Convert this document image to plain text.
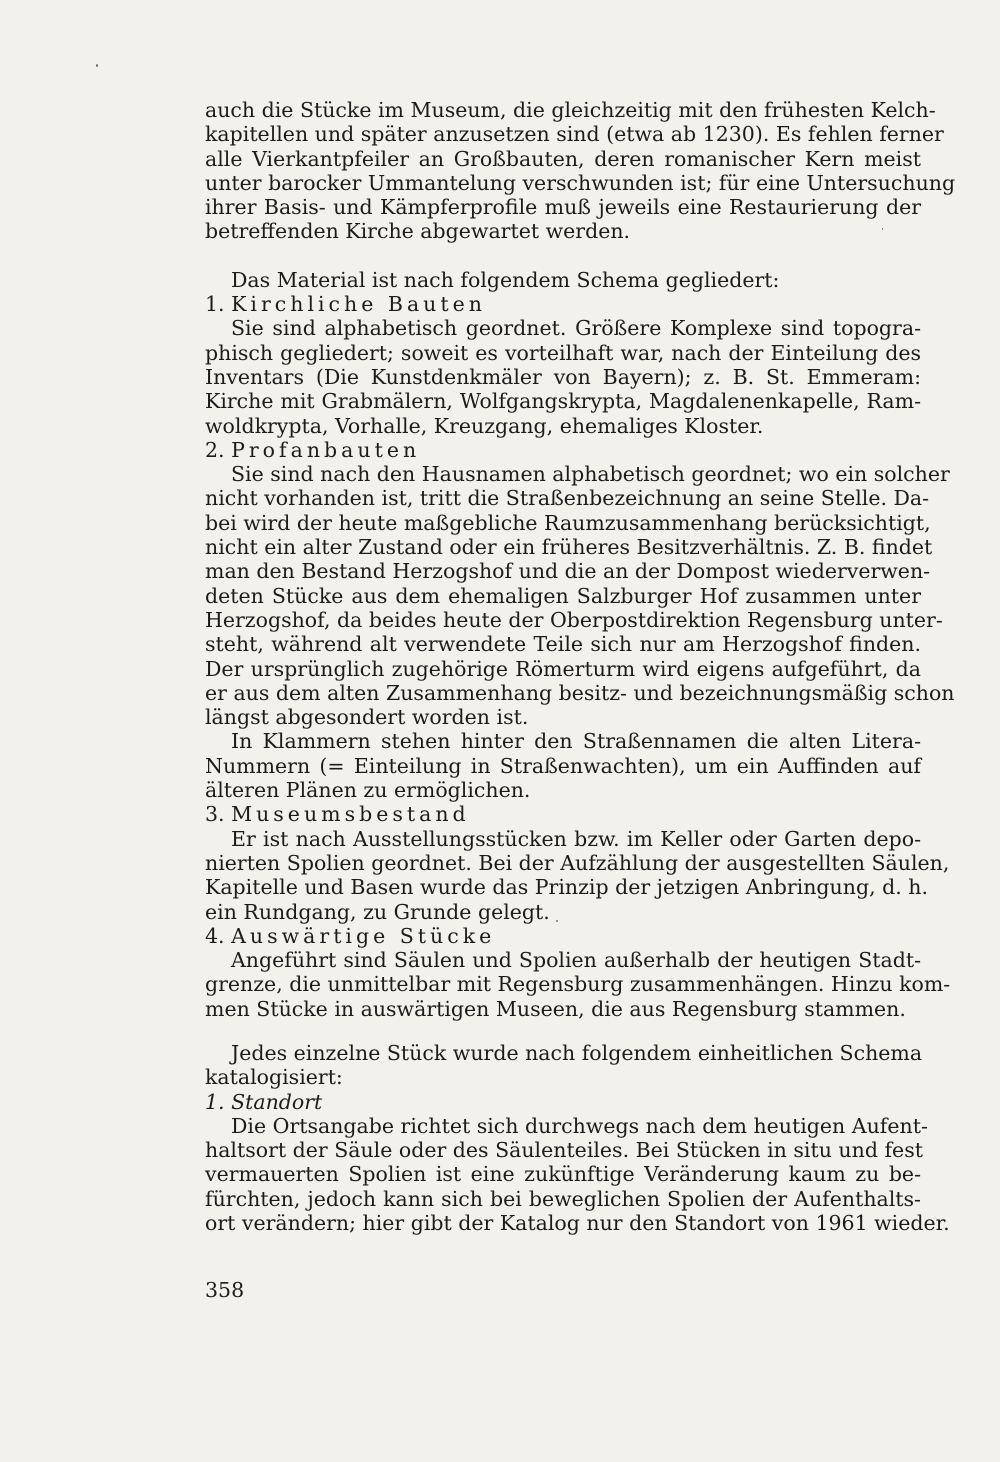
auch die Stücke im Museum, die gleichzeitig mit den frühesten Kelch-
kapitellen und später anzusetzen sind (etwa ab 1230). Es fehlen ferner
alle Vierkantpfeiler an Großbauten, deren romanischer Kern meist
unter barocker Ummantelung verschwunden ist; für eine Untersuchung
ihrer Basis- und Kämpferprofile muß jeweils eine Restaurierung der
betreffenden Kirche abgewartet werden.
Das Material ist nach folgendem Schema gegliedert:
1. Kirchliche Bauten
Sie sind alphabetisch geordnet. Größere Komplexe sind topogra-
phisch gegliedert; soweit es vorteilhaft war, nach der Einteilung des
Inventars (Die Kunstdenkmäler von Bayern); z. B. St. Emmeram:
Kirche mit Grabmälern, Wolfgangskrypta, Magdalenenkapelle, Ram-
woldkrypta, Vorhalle, Kreuzgang, ehemaliges Kloster.
2. Profanbauten
Sie sind nach den Hausnamen alphabetisch geordnet; wo ein solcher
nicht vorhanden ist, tritt die Straßenbezeichnung an seine Stelle. Da-
bei wird der heute maßgebliche Raumzusammenhang berücksichtigt,
nicht ein alter Zustand oder ein früheres Besitzverhältnis. Z. B. findet
man den Bestand Herzogshof und die an der Dompost wiederverwen-
deten Stücke aus dem ehemaligen Salzburger Hof zusammen unter
Herzogshof, da beides heute der Oberpostdirektion Regensburg unter-
steht, während alt verwendete Teile sich nur am Herzogshof finden.
Der ursprünglich zugehörige Römerturm wird eigens aufgeführt, da
er aus dem alten Zusammenhang besitz- und bezeichnungsmäßig schon
längst abgesondert worden ist.
In Klammern stehen hinter den Straßennamen die alten Litera-
Nummern (= Einteilung in Straßenwachten), um ein Auffinden auf
älteren Plänen zu ermöglichen.
3. Museumsbestand
Er ist nach Ausstellungsstücken bzw. im Keller oder Garten depo-
nierten Spolien geordnet. Bei der Aufzählung der ausgestellten Säulen,
Kapitelle und Basen wurde das Prinzip der jetzigen Anbringung, d. h.
ein Rundgang, zu Grunde gelegt.
4. Auswärtige Stücke
Angeführt sind Säulen und Spolien außerhalb der heutigen Stadt-
grenze, die unmittelbar mit Regensburg zusammenhängen. Hinzu kom-
men Stücke in auswärtigen Museen, die aus Regensburg stammen.
Jedes einzelne Stück wurde nach folgendem einheitlichen Schema
katalogisiert:
1. Standort
Die Ortsangabe richtet sich durchwegs nach dem heutigen Aufent-
haltsort der Säule oder des Säulenteiles. Bei Stücken in situ und fest
vermauerten Spolien ist eine zukünftige Veränderung kaum zu be-
fürchten, jedoch kann sich bei beweglichen Spolien der Aufenthalts-
ort verändern; hier gibt der Katalog nur den Standort von 1961 wieder.
358
